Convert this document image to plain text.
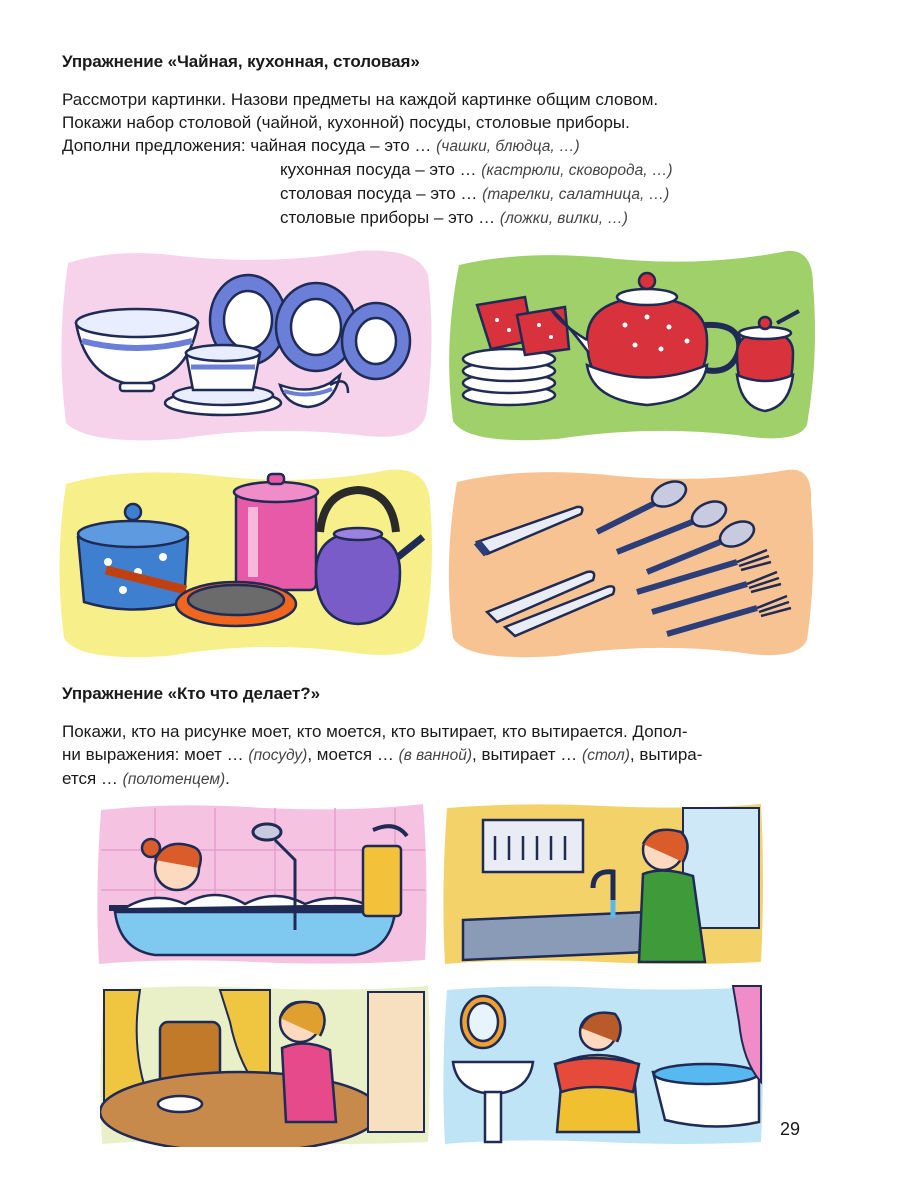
Упражнение «Чайная, кухонная, столовая»
Рассмотри картинки. Назови предметы на каждой картинке общим словом.
Покажи набор столовой (чайной, кухонной) посуды, столовые приборы.
Дополни предложения: чайная посуда – это … (чашки, блюдца, …)
кухонная посуда – это … (кастрюли, сковорода, …)
столовая посуда – это … (тарелки, салатница, …)
столовые приборы – это … (ложки, вилки, …)
Упражнение «Кто что делает?»
Покажи, кто на рисунке моет, кто моется, кто вытирает, кто вытирается. Допол-
ни выражения: моет … (посуду), моется … (в ванной), вытирает … (стол), вытира-
ется … (полотенцем).
29
